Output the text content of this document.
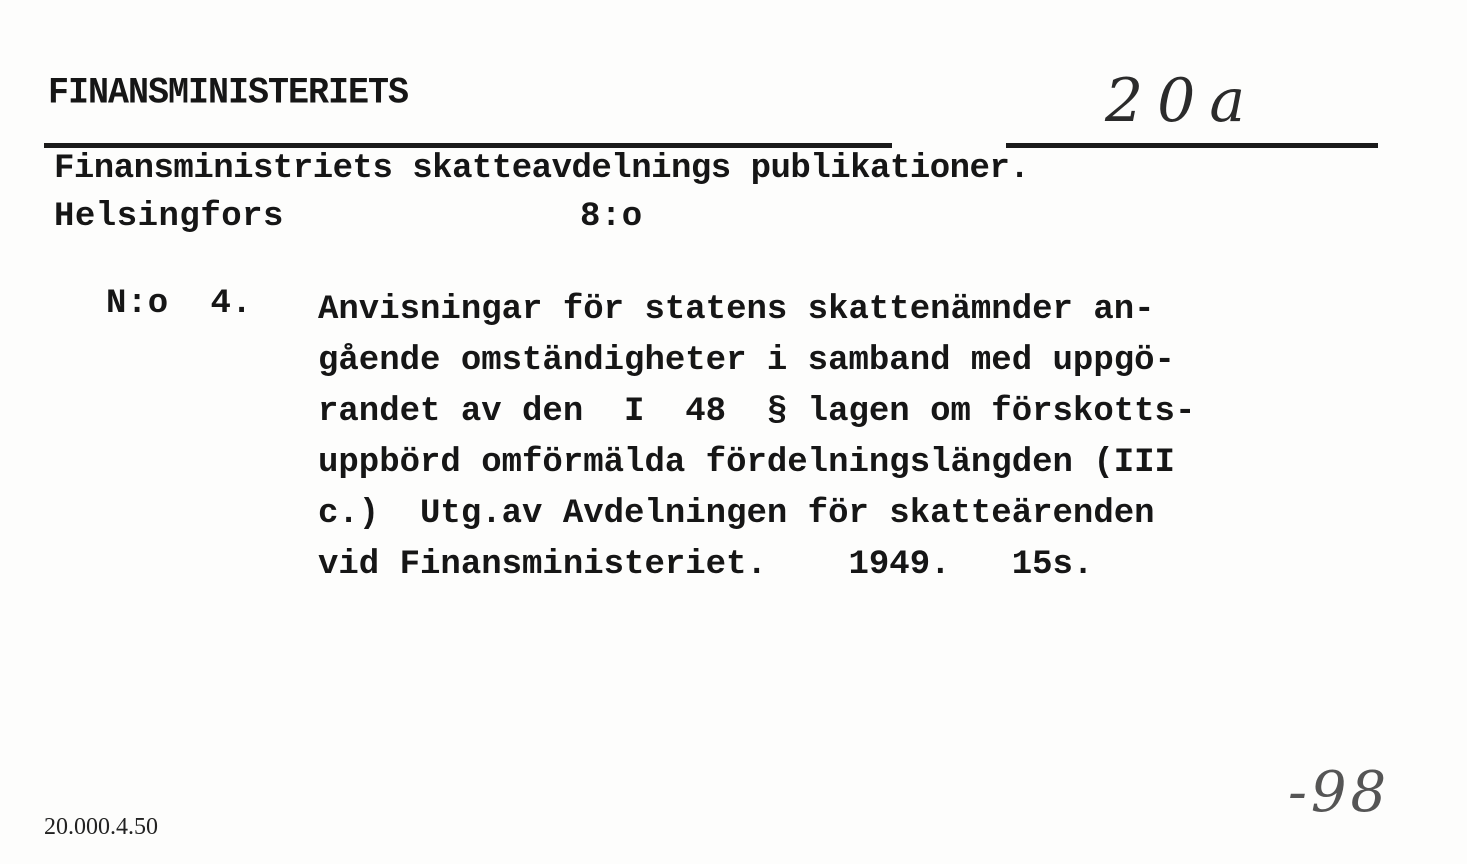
FINANSMINISTERIETS	20a
Finansministriets skatteavdelnings publikationer.
Helsingfors	8:o
N:o  4. Anvisningar för statens skattenämnder an-
gående omständigheter i samband med uppgö-
randet av den  I  48  § lagen om förskotts-
uppbörd omförmälda fördelningslängden (III
c.)  Utg.av Avdelningen för skatteärenden
vid Finansministeriet.    1949.   15s.
20.000.4.50
-98
